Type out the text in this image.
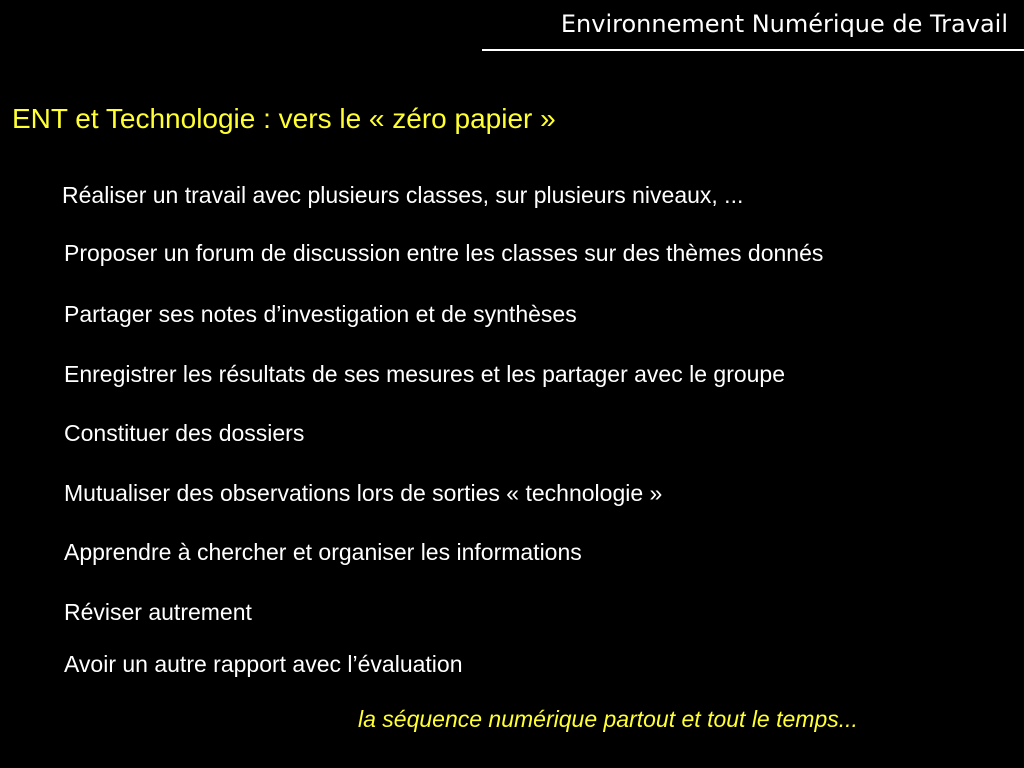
Environnement Numérique de Travail
ENT et Technologie : vers le « zéro papier »
Réaliser un travail avec plusieurs classes, sur plusieurs niveaux, ...
Proposer un forum de discussion entre les classes sur des thèmes donnés
Partager ses notes d’investigation et de synthèses
Enregistrer les résultats de ses mesures et les partager avec le groupe
Constituer des dossiers
Mutualiser des observations lors de sorties « technologie »
Apprendre à chercher et organiser les informations
Réviser autrement
Avoir un autre rapport avec l’évaluation
la séquence numérique partout et tout le temps...
